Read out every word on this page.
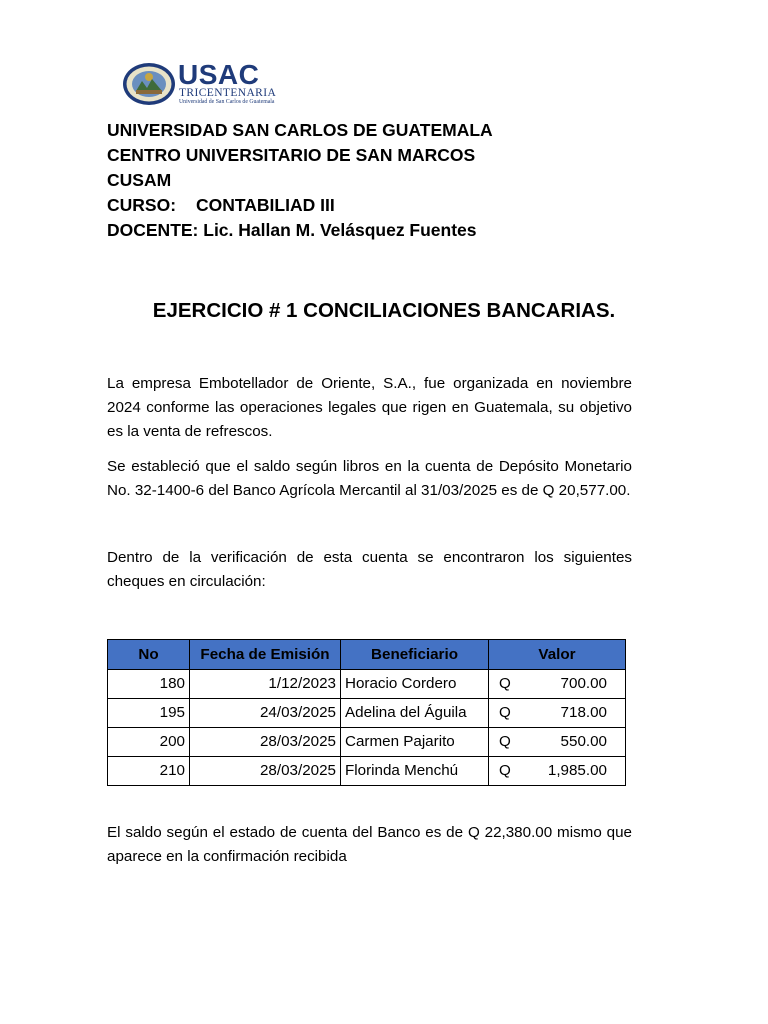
USAC
TRICENTENARIA
Universidad de San Carlos de Guatemala

UNIVERSIDAD SAN CARLOS DE GUATEMALA

CENTRO UNIVERSITARIO DE SAN MARCOS

CUSAM

CURSO: CONTABILIAD III

DOCENTE: Lic. Hallan M. Velásquez Fuentes

EJERCICIO # 1 CONCILIACIONES BANCARIAS.

La empresa Embotellador de Oriente, S.A., fue organizada en noviembre 2024 conforme las operaciones legales que rigen en Guatemala, su objetivo es la venta de refrescos.

Se estableció que el saldo según libros en la cuenta de Depósito Monetario No. 32-1400-6 del Banco Agrícola Mercantil al 31/03/2025 es de Q 20,577.00.

Dentro de la verificación de esta cuenta se encontraron los siguientes cheques en circulación:

No	Fecha de Emisión	Beneficiario	Valor
180	1/12/2023	Horacio Cordero	Q 700.00
195	24/03/2025	Adelina del Águila	Q 718.00
200	28/03/2025	Carmen Pajarito	Q 550.00
210	28/03/2025	Florinda Menchú	Q 1,985.00

El saldo según el estado de cuenta del Banco es de Q 22,380.00 mismo que aparece en la confirmación recibida
